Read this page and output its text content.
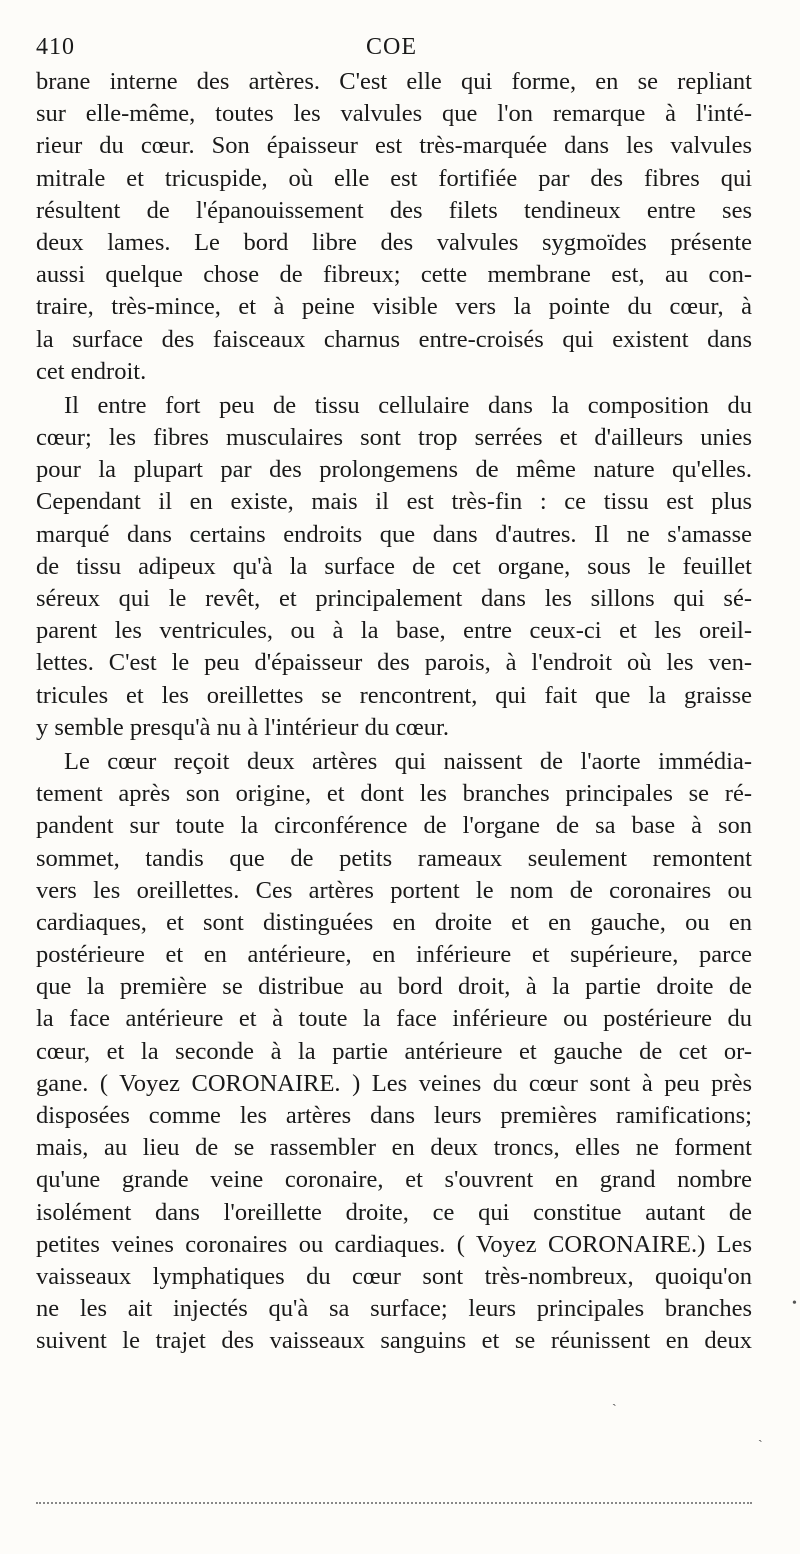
410	COE
brane interne des artères. C'est elle qui forme, en se repliant
sur elle-même, toutes les valvules que l'on remarque à l'inté-
rieur du cœur. Son épaisseur est très-marquée dans les valvules
mitrale et tricuspide, où elle est fortifiée par des fibres qui
résultent de l'épanouissement des filets tendineux entre ses
deux lames. Le bord libre des valvules sygmoïdes présente
aussi quelque chose de fibreux; cette membrane est, au con-
traire, très-mince, et à peine visible vers la pointe du cœur, à
la surface des faisceaux charnus entre-croisés qui existent dans
cet endroit.
Il entre fort peu de tissu cellulaire dans la composition du
cœur; les fibres musculaires sont trop serrées et d'ailleurs unies
pour la plupart par des prolongemens de même nature qu'elles.
Cependant il en existe, mais il est très-fin : ce tissu est plus
marqué dans certains endroits que dans d'autres. Il ne s'amasse
de tissu adipeux qu'à la surface de cet organe, sous le feuillet
séreux qui le revêt, et principalement dans les sillons qui sé-
parent les ventricules, ou à la base, entre ceux-ci et les oreil-
lettes. C'est le peu d'épaisseur des parois, à l'endroit où les ven-
tricules et les oreillettes se rencontrent, qui fait que la graisse
y semble presqu'à nu à l'intérieur du cœur.
Le cœur reçoit deux artères qui naissent de l'aorte immédia-
tement après son origine, et dont les branches principales se ré-
pandent sur toute la circonférence de l'organe de sa base à son
sommet, tandis que de petits rameaux seulement remontent
vers les oreillettes. Ces artères portent le nom de coronaires ou
cardiaques, et sont distinguées en droite et en gauche, ou en
postérieure et en antérieure, en inférieure et supérieure, parce
que la première se distribue au bord droit, à la partie droite de
la face antérieure et à toute la face inférieure ou postérieure du
cœur, et la seconde à la partie antérieure et gauche de cet or-
gane. ( Voyez CORONAIRE. ) Les veines du cœur sont à peu près
disposées comme les artères dans leurs premières ramifications;
mais, au lieu de se rassembler en deux troncs, elles ne forment
qu'une grande veine coronaire, et s'ouvrent en grand nombre
isolément dans l'oreillette droite, ce qui constitue autant de
petites veines coronaires ou cardiaques. ( Voyez CORONAIRE.) Les
vaisseaux lymphatiques du cœur sont très-nombreux, quoiqu'on
ne les ait injectés qu'à sa surface; leurs principales branches
suivent le trajet des vaisseaux sanguins et se réunissent en deux
ˏ
ˎ
•
